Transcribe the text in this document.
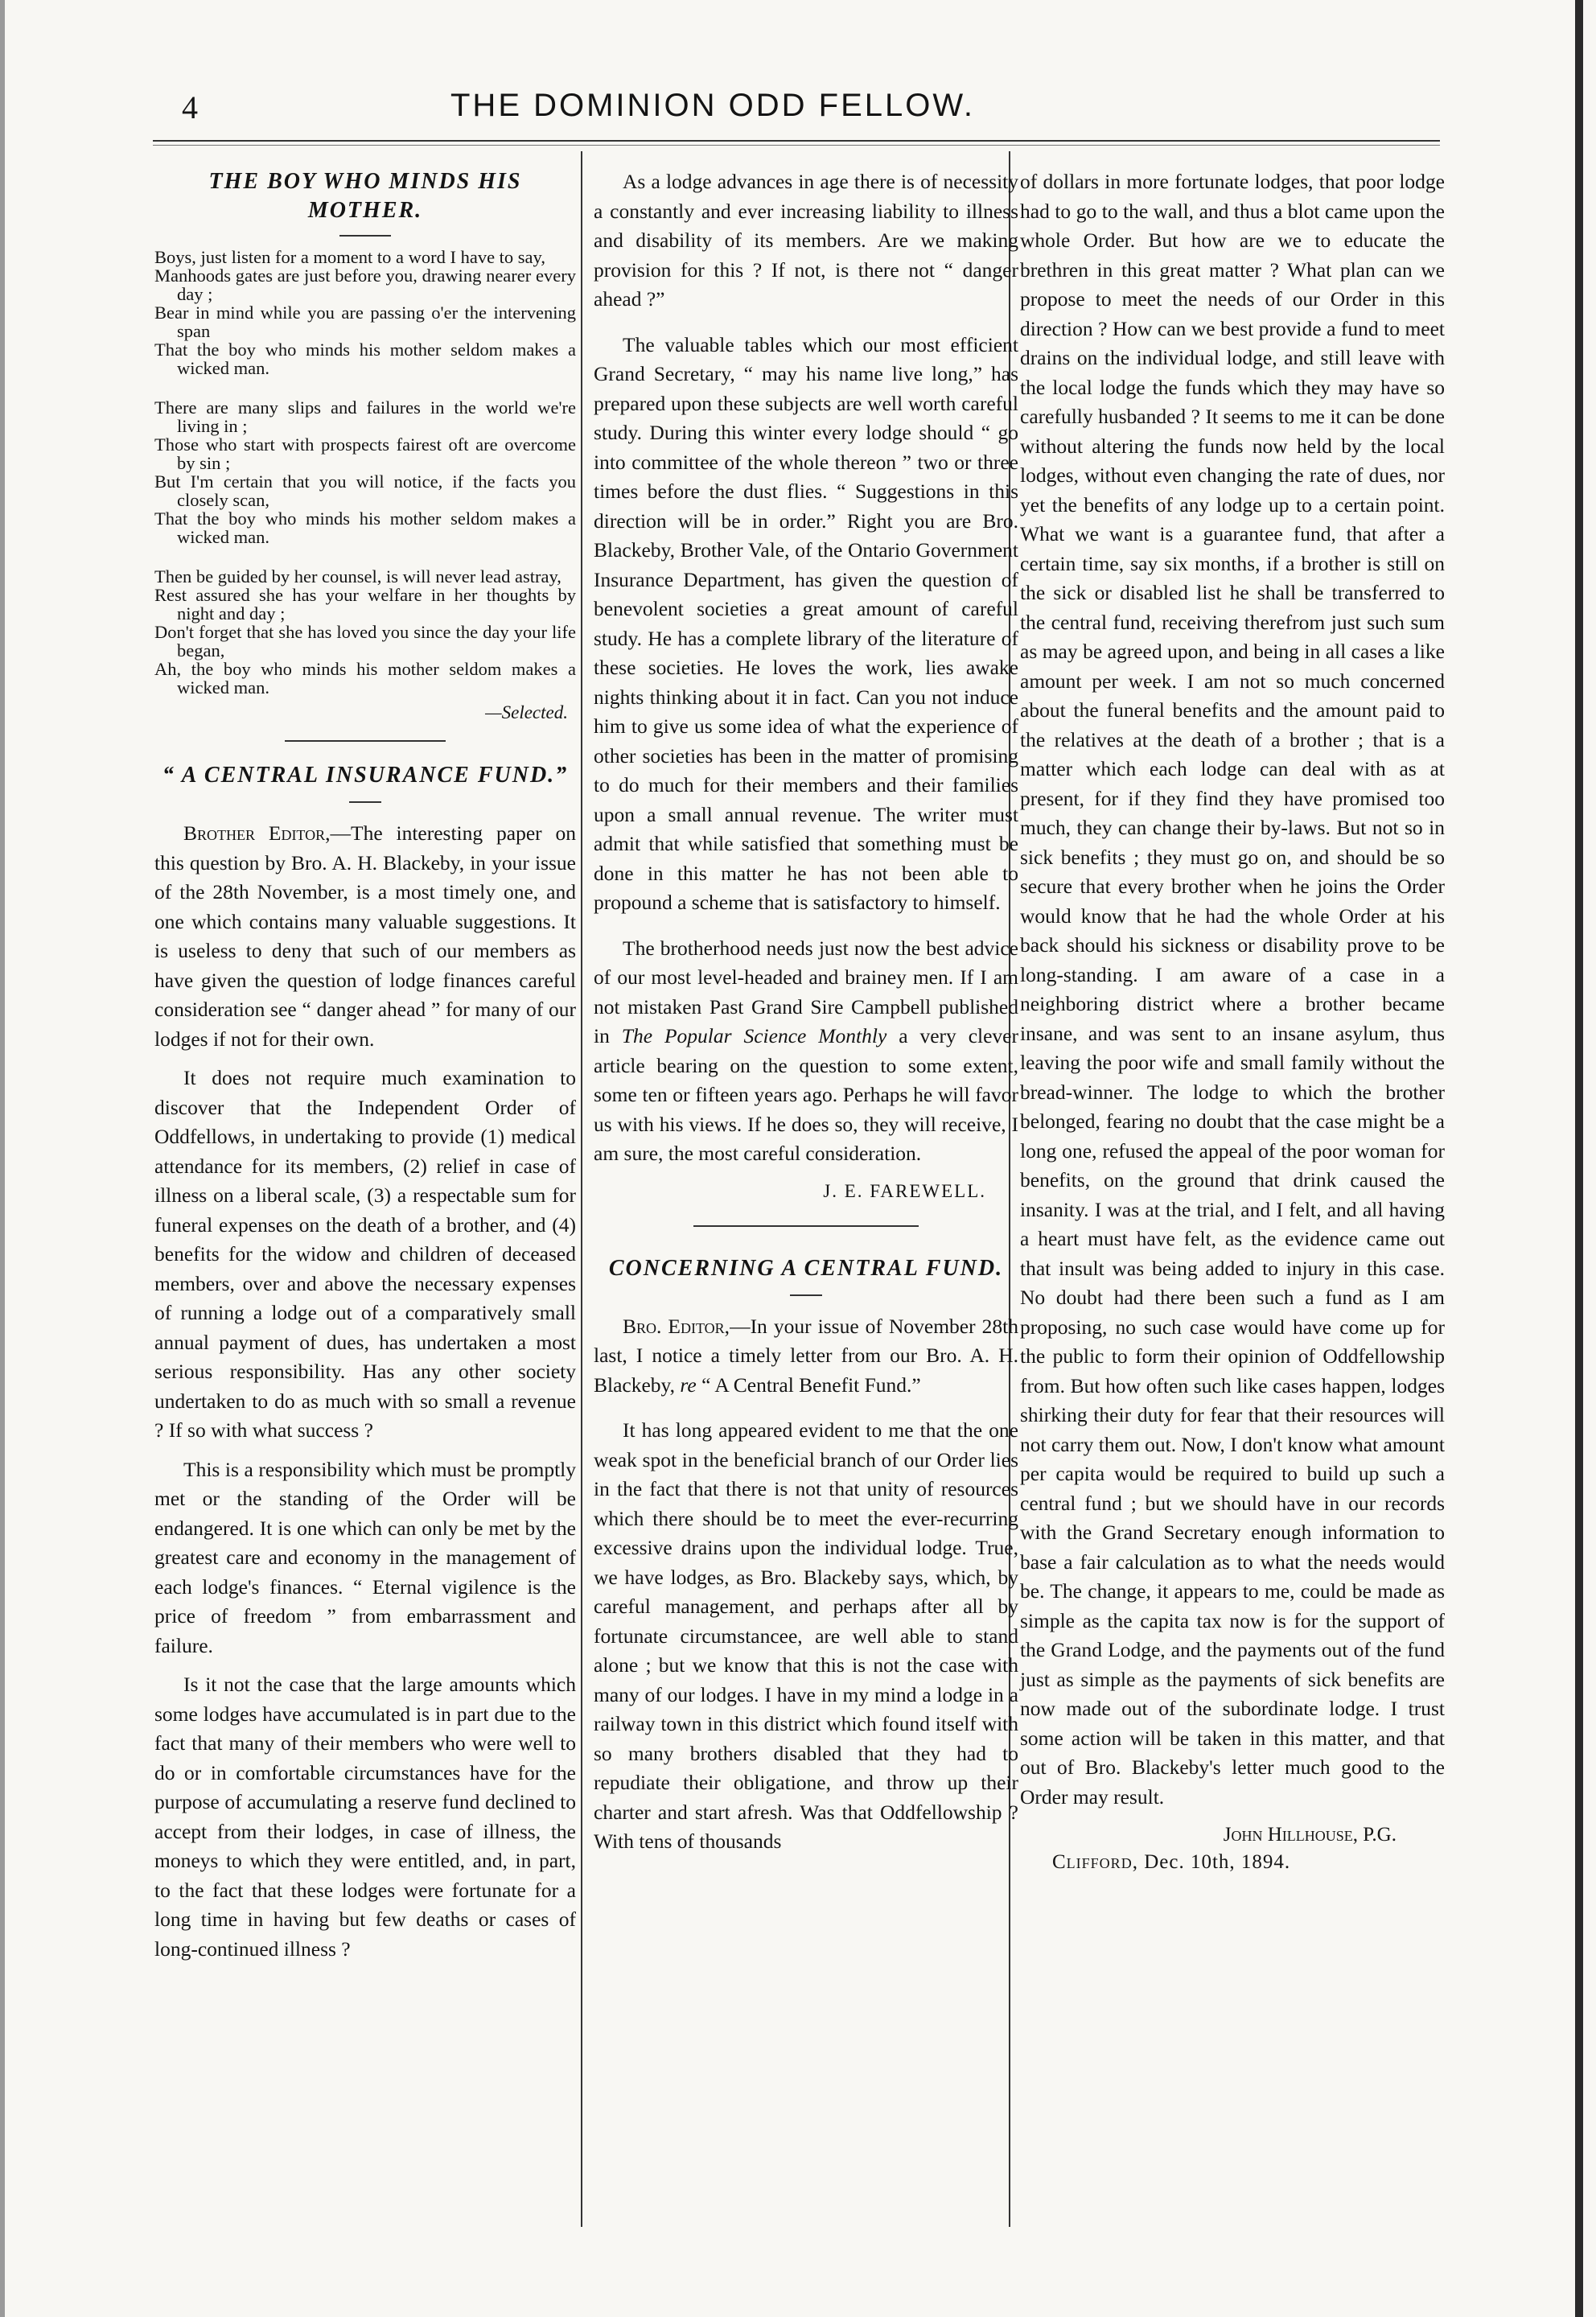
4	THE DOMINION ODD FELLOW.
THE BOY WHO MINDS HIS MOTHER.
Boys, just listen for a moment to a word I have to say,
Manhoods gates are just before you, drawing nearer every day ;
Bear in mind while you are passing o'er the intervening span
That the boy who minds his mother seldom makes a wicked man.
There are many slips and failures in the world we're living in ;
Those who start with prospects fairest oft are overcome by sin ;
But I'm certain that you will notice, if the facts you closely scan,
That the boy who minds his mother seldom makes a wicked man.
Then be guided by her counsel, is will never lead astray,
Rest assured she has your welfare in her thoughts by night and day ;
Don't forget that she has loved you since the day your life began,
Ah, the boy who minds his mother seldom makes a wicked man.
—Selected.
“ A CENTRAL INSURANCE FUND.”

Brother Editor,—The interesting paper on this question by Bro. A. H. Blackeby, in your issue of the 28th November, is a most timely one, and one which contains many valuable suggestions. It is useless to deny that such of our members as have given the question of lodge finances careful consideration see “ danger ahead ” for many of our lodges if not for their own.

It does not require much examination to discover that the Independent Order of Oddfellows, in undertaking to provide (1) medical attendance for its members, (2) relief in case of illness on a liberal scale, (3) a respectable sum for funeral expenses on the death of a brother, and (4) benefits for the widow and children of deceased members, over and above the necessary expenses of running a lodge out of a comparatively small annual payment of dues, has undertaken a most serious responsibility. Has any other society undertaken to do as much with so small a revenue ? If so with what success ?

This is a responsibility which must be promptly met or the standing of the Order will be endangered. It is one which can only be met by the greatest care and economy in the management of each lodge's finances. “ Eternal vigilence is the price of freedom ” from embarrassment and failure.

Is it not the case that the large amounts which some lodges have accumulated is in part due to the fact that many of their members who were well to do or in comfortable circumstances have for the purpose of accumulating a reserve fund declined to accept from their lodges, in case of illness, the moneys to which they were entitled, and, in part, to the fact that these lodges were fortunate for a long time in having but few deaths or cases of long-continued illness ?

As a lodge advances in age there is of necessity a constantly and ever increasing liability to illness and disability of its members. Are we making provision for this ? If not, is there not “ danger ahead ?”

The valuable tables which our most efficient Grand Secretary, “ may his name live long,” has prepared upon these subjects are well worth careful study. During this winter every lodge should “ go into committee of the whole thereon ” two or three times before the dust flies. “ Suggestions in this direction will be in order.” Right you are Bro. Blackeby, Brother Vale, of the Ontario Government Insurance Department, has given the question of benevolent societies a great amount of careful study. He has a complete library of the literature of these societies. He loves the work, lies awake nights thinking about it in fact. Can you not induce him to give us some idea of what the experience of other societies has been in the matter of promising to do much for their members and their families upon a small annual revenue. The writer must admit that while satisfied that something must be done in this matter he has not been able to propound a scheme that is satisfactory to himself.

The brotherhood needs just now the best advice of our most level-headed and brainey men. If I am not mistaken Past Grand Sire Campbell published in The Popular Science Monthly a very clever article bearing on the question to some extent, some ten or fifteen years ago. Perhaps he will favor us with his views. If he does so, they will receive, I am sure, the most careful consideration.

J. E. FAREWELL.
CONCERNING A CENTRAL FUND.

Bro. Editor,—In your issue of November 28th last, I notice a timely letter from our Bro. A. H. Blackeby, re “ A Central Benefit Fund.”

It has long appeared evident to me that the one weak spot in the beneficial branch of our Order lies in the fact that there is not that unity of resources which there should be to meet the ever-recurring excessive drains upon the individual lodge. True, we have lodges, as Bro. Blackeby says, which, by careful management, and perhaps after all by fortunate circumstancee, are well able to stand alone ; but we know that this is not the case with many of our lodges. I have in my mind a lodge in a railway town in this district which found itself with so many brothers disabled that they had to repudiate their obligatione, and throw up their charter and start afresh. Was that Oddfellowship ? With tens of thousands

of dollars in more fortunate lodges, that poor lodge had to go to the wall, and thus a blot came upon the whole Order. But how are we to educate the brethren in this great matter ? What plan can we propose to meet the needs of our Order in this direction ? How can we best provide a fund to meet drains on the individual lodge, and still leave with the local lodge the funds which they may have so carefully husbanded ? It seems to me it can be done without altering the funds now held by the local lodges, without even changing the rate of dues, nor yet the benefits of any lodge up to a certain point. What we want is a guarantee fund, that after a certain time, say six months, if a brother is still on the sick or disabled list he shall be transferred to the central fund, receiving therefrom just such sum as may be agreed upon, and being in all cases a like amount per week. I am not so much concerned about the funeral benefits and the amount paid to the relatives at the death of a brother ; that is a matter which each lodge can deal with as at present, for if they find they have promised too much, they can change their by-laws. But not so in sick benefits ; they must go on, and should be so secure that every brother when he joins the Order would know that he had the whole Order at his back should his sickness or disability prove to be long-standing. I am aware of a case in a neighboring district where a brother became insane, and was sent to an insane asylum, thus leaving the poor wife and small family without the bread-winner. The lodge to which the brother belonged, fearing no doubt that the case might be a long one, refused the appeal of the poor woman for benefits, on the ground that drink caused the insanity. I was at the trial, and I felt, and all having a heart must have felt, as the evidence came out that insult was being added to injury in this case. No doubt had there been such a fund as I am proposing, no such case would have come up for the public to form their opinion of Oddfellowship from. But how often such like cases happen, lodges shirking their duty for fear that their resources will not carry them out. Now, I don't know what amount per capita would be required to build up such a central fund ; but we should have in our records with the Grand Secretary enough information to base a fair calculation as to what the needs would be. The change, it appears to me, could be made as simple as the capita tax now is for the support of the Grand Lodge, and the payments out of the fund just as simple as the payments of sick benefits are now made out of the subordinate lodge. I trust some action will be taken in this matter, and that out of Bro. Blackeby's letter much good to the Order may result.

John Hillhouse, P.G.
Clifford, Dec. 10th, 1894.
